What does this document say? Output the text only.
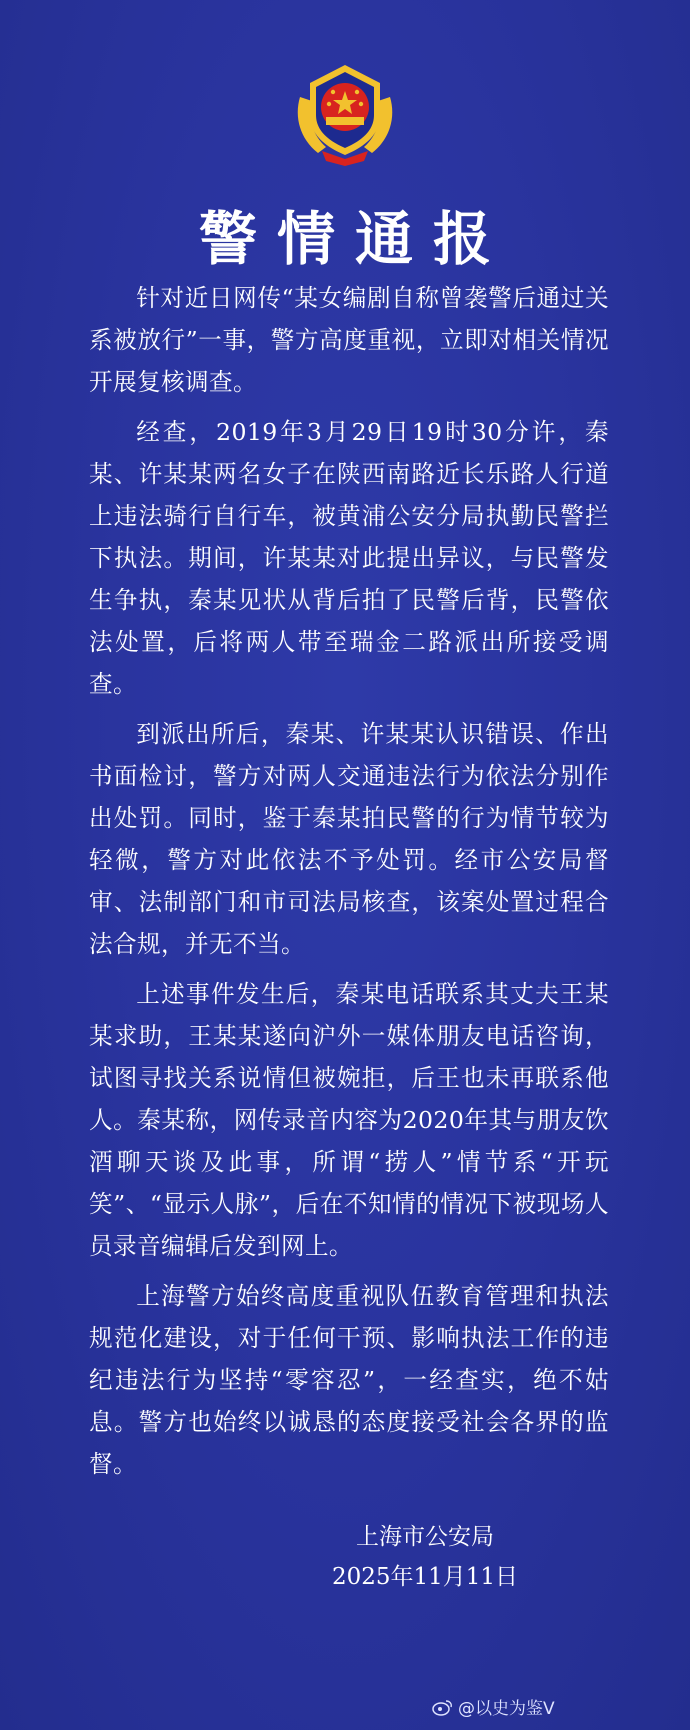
警情通报

针对近日网传“某女编剧自称曾袭警后通过关系被放行”一事，警方高度重视，立即对相关情况开展复核调查。

经查，2019年3月29日19时30分许，秦某、许某某两名女子在陕西南路近长乐路人行道上违法骑行自行车，被黄浦公安分局执勤民警拦下执法。期间，许某某对此提出异议，与民警发生争执，秦某见状从背后拍了民警后背，民警依法处置，后将两人带至瑞金二路派出所接受调查。

到派出所后，秦某、许某某认识错误、作出书面检讨，警方对两人交通违法行为依法分别作出处罚。同时，鉴于秦某拍民警的行为情节较为轻微，警方对此依法不予处罚。经市公安局督审、法制部门和市司法局核查，该案处置过程合法合规，并无不当。

上述事件发生后，秦某电话联系其丈夫王某某求助，王某某遂向沪外一媒体朋友电话咨询，试图寻找关系说情但被婉拒，后王也未再联系他人。秦某称，网传录音内容为2020年其与朋友饮酒聊天谈及此事，所谓“捞人”情节系“开玩笑”、“显示人脉”，后在不知情的情况下被现场人员录音编辑后发到网上。

上海警方始终高度重视队伍教育管理和执法规范化建设，对于任何干预、影响执法工作的违纪违法行为坚持“零容忍”，一经查实，绝不姑息。警方也始终以诚恳的态度接受社会各界的监督。

上海市公安局
2025年11月11日
@以史为鉴V
